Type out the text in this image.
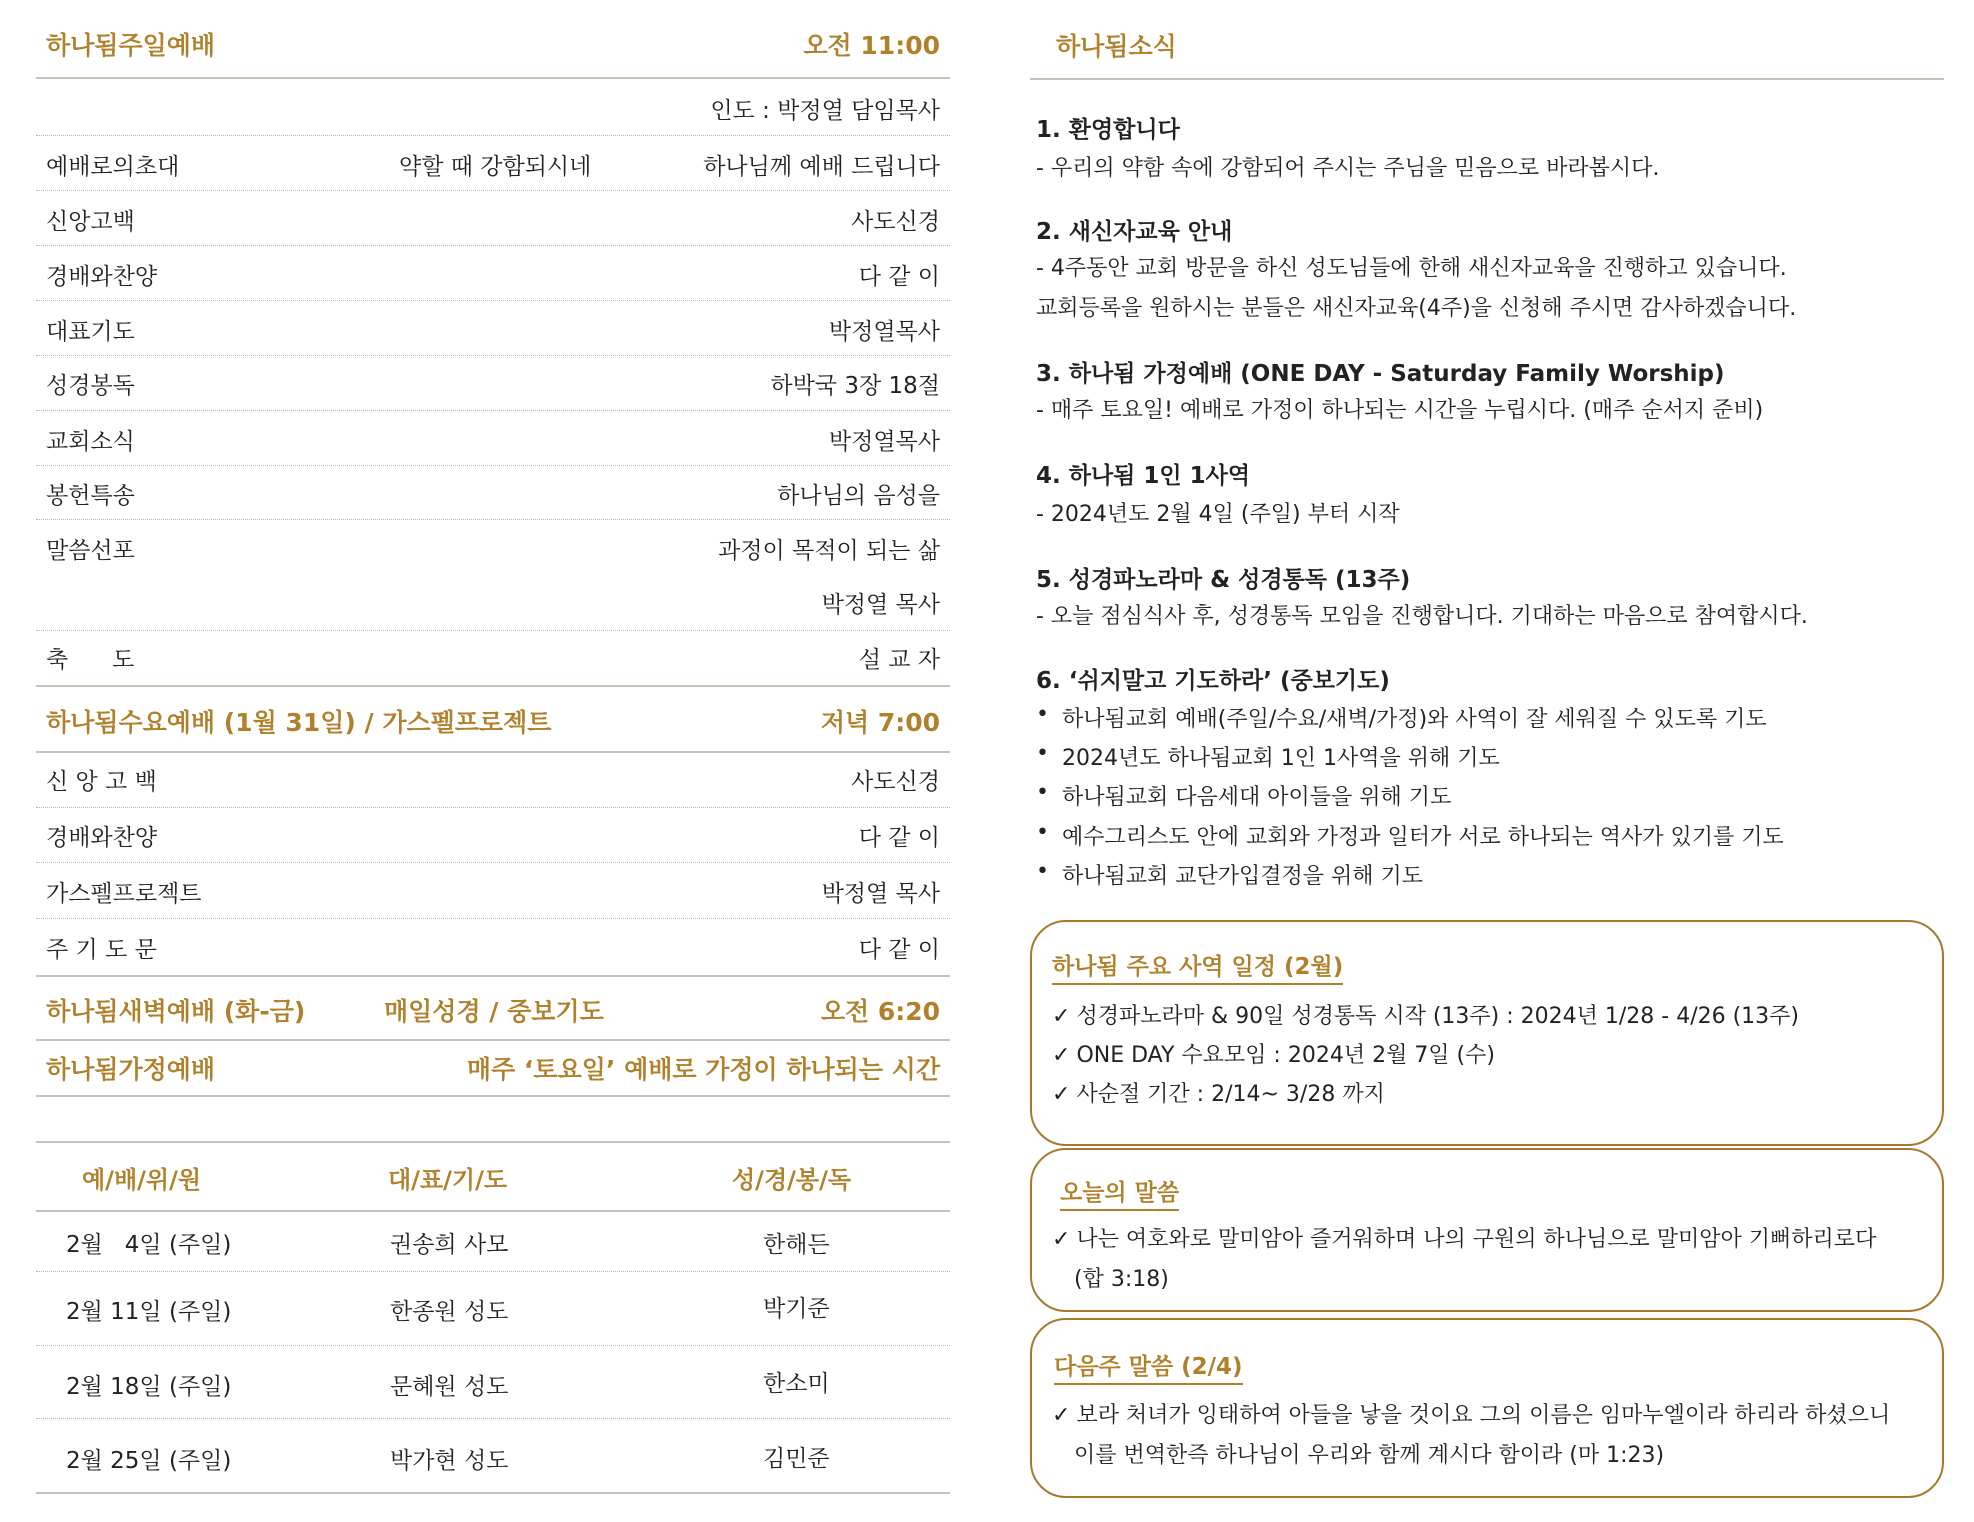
하나됨주일예배	오전 11:00
인도 : 박정열 담임목사
예배로의초대	약할 때 강함되시네	하나님께 예배 드립니다
신앙고백	사도신경
경배와찬양	다 같 이
대표기도	박정열목사
성경봉독	하박국 3장 18절
교회소식	박정열목사
봉헌특송	하나님의 음성을
말씀선포	과정이 목적이 되는 삶
박정열 목사
축      도	설 교 자
하나됨수요예배 (1월 31일) / 가스펠프로젝트	저녁 7:00
신 앙 고 백	사도신경
경배와찬양	다 같 이
가스펠프로젝트	박정열 목사
주 기 도 문	다 같 이
하나됨새벽예배 (화-금)	매일성경 / 중보기도	오전 6:20
하나됨가정예배	매주 ‘토요일’ 예배로 가정이 하나되는 시간
예/배/위/원	대/표/기/도	성/경/봉/독
2월   4일 (주일)	권송희 사모	한해든
2월 11일 (주일)	한종원 성도	박기준
2월 18일 (주일)	문혜원 성도	한소미
2월 25일 (주일)	박가현 성도	김민준
하나됨소식
1. 환영합니다
- 우리의 약함 속에 강함되어 주시는 주님을 믿음으로 바라봅시다.
2. 새신자교육 안내
- 4주동안 교회 방문을 하신 성도님들에 한해 새신자교육을 진행하고 있습니다.
교회등록을 원하시는 분들은 새신자교육(4주)을 신청해 주시면 감사하겠습니다.
3. 하나됨 가정예배 (ONE DAY - Saturday Family Worship)
- 매주 토요일! 예배로 가정이 하나되는 시간을 누립시다. (매주 순서지 준비)
4. 하나됨 1인 1사역
- 2024년도 2월 4일 (주일) 부터 시작
5. 성경파노라마 & 성경통독 (13주)
- 오늘 점심식사 후, 성경통독 모임을 진행합니다. 기대하는 마음으로 참여합시다.
6. ‘쉬지말고 기도하라’ (중보기도)
• 하나됨교회 예배(주일/수요/새벽/가정)와 사역이 잘 세워질 수 있도록 기도
• 2024년도 하나됨교회 1인 1사역을 위해 기도
• 하나됨교회 다음세대 아이들을 위해 기도
• 예수그리스도 안에 교회와 가정과 일터가 서로 하나되는 역사가 있기를 기도
• 하나됨교회 교단가입결정을 위해 기도
하나됨 주요 사역 일정 (2월)
✓ 성경파노라마 & 90일 성경통독 시작 (13주) : 2024년 1/28 - 4/26 (13주)
✓ ONE DAY 수요모임 : 2024년 2월 7일 (수)
✓ 사순절 기간 : 2/14~ 3/28 까지
오늘의 말씀
✓ 나는 여호와로 말미암아 즐거워하며 나의 구원의 하나님으로 말미암아 기뻐하리로다
(합 3:18)
다음주 말씀 (2/4)
✓ 보라 처녀가 잉태하여 아들을 낳을 것이요 그의 이름은 임마누엘이라 하리라 하셨으니
이를 번역한즉 하나님이 우리와 함께 계시다 함이라 (마 1:23)
